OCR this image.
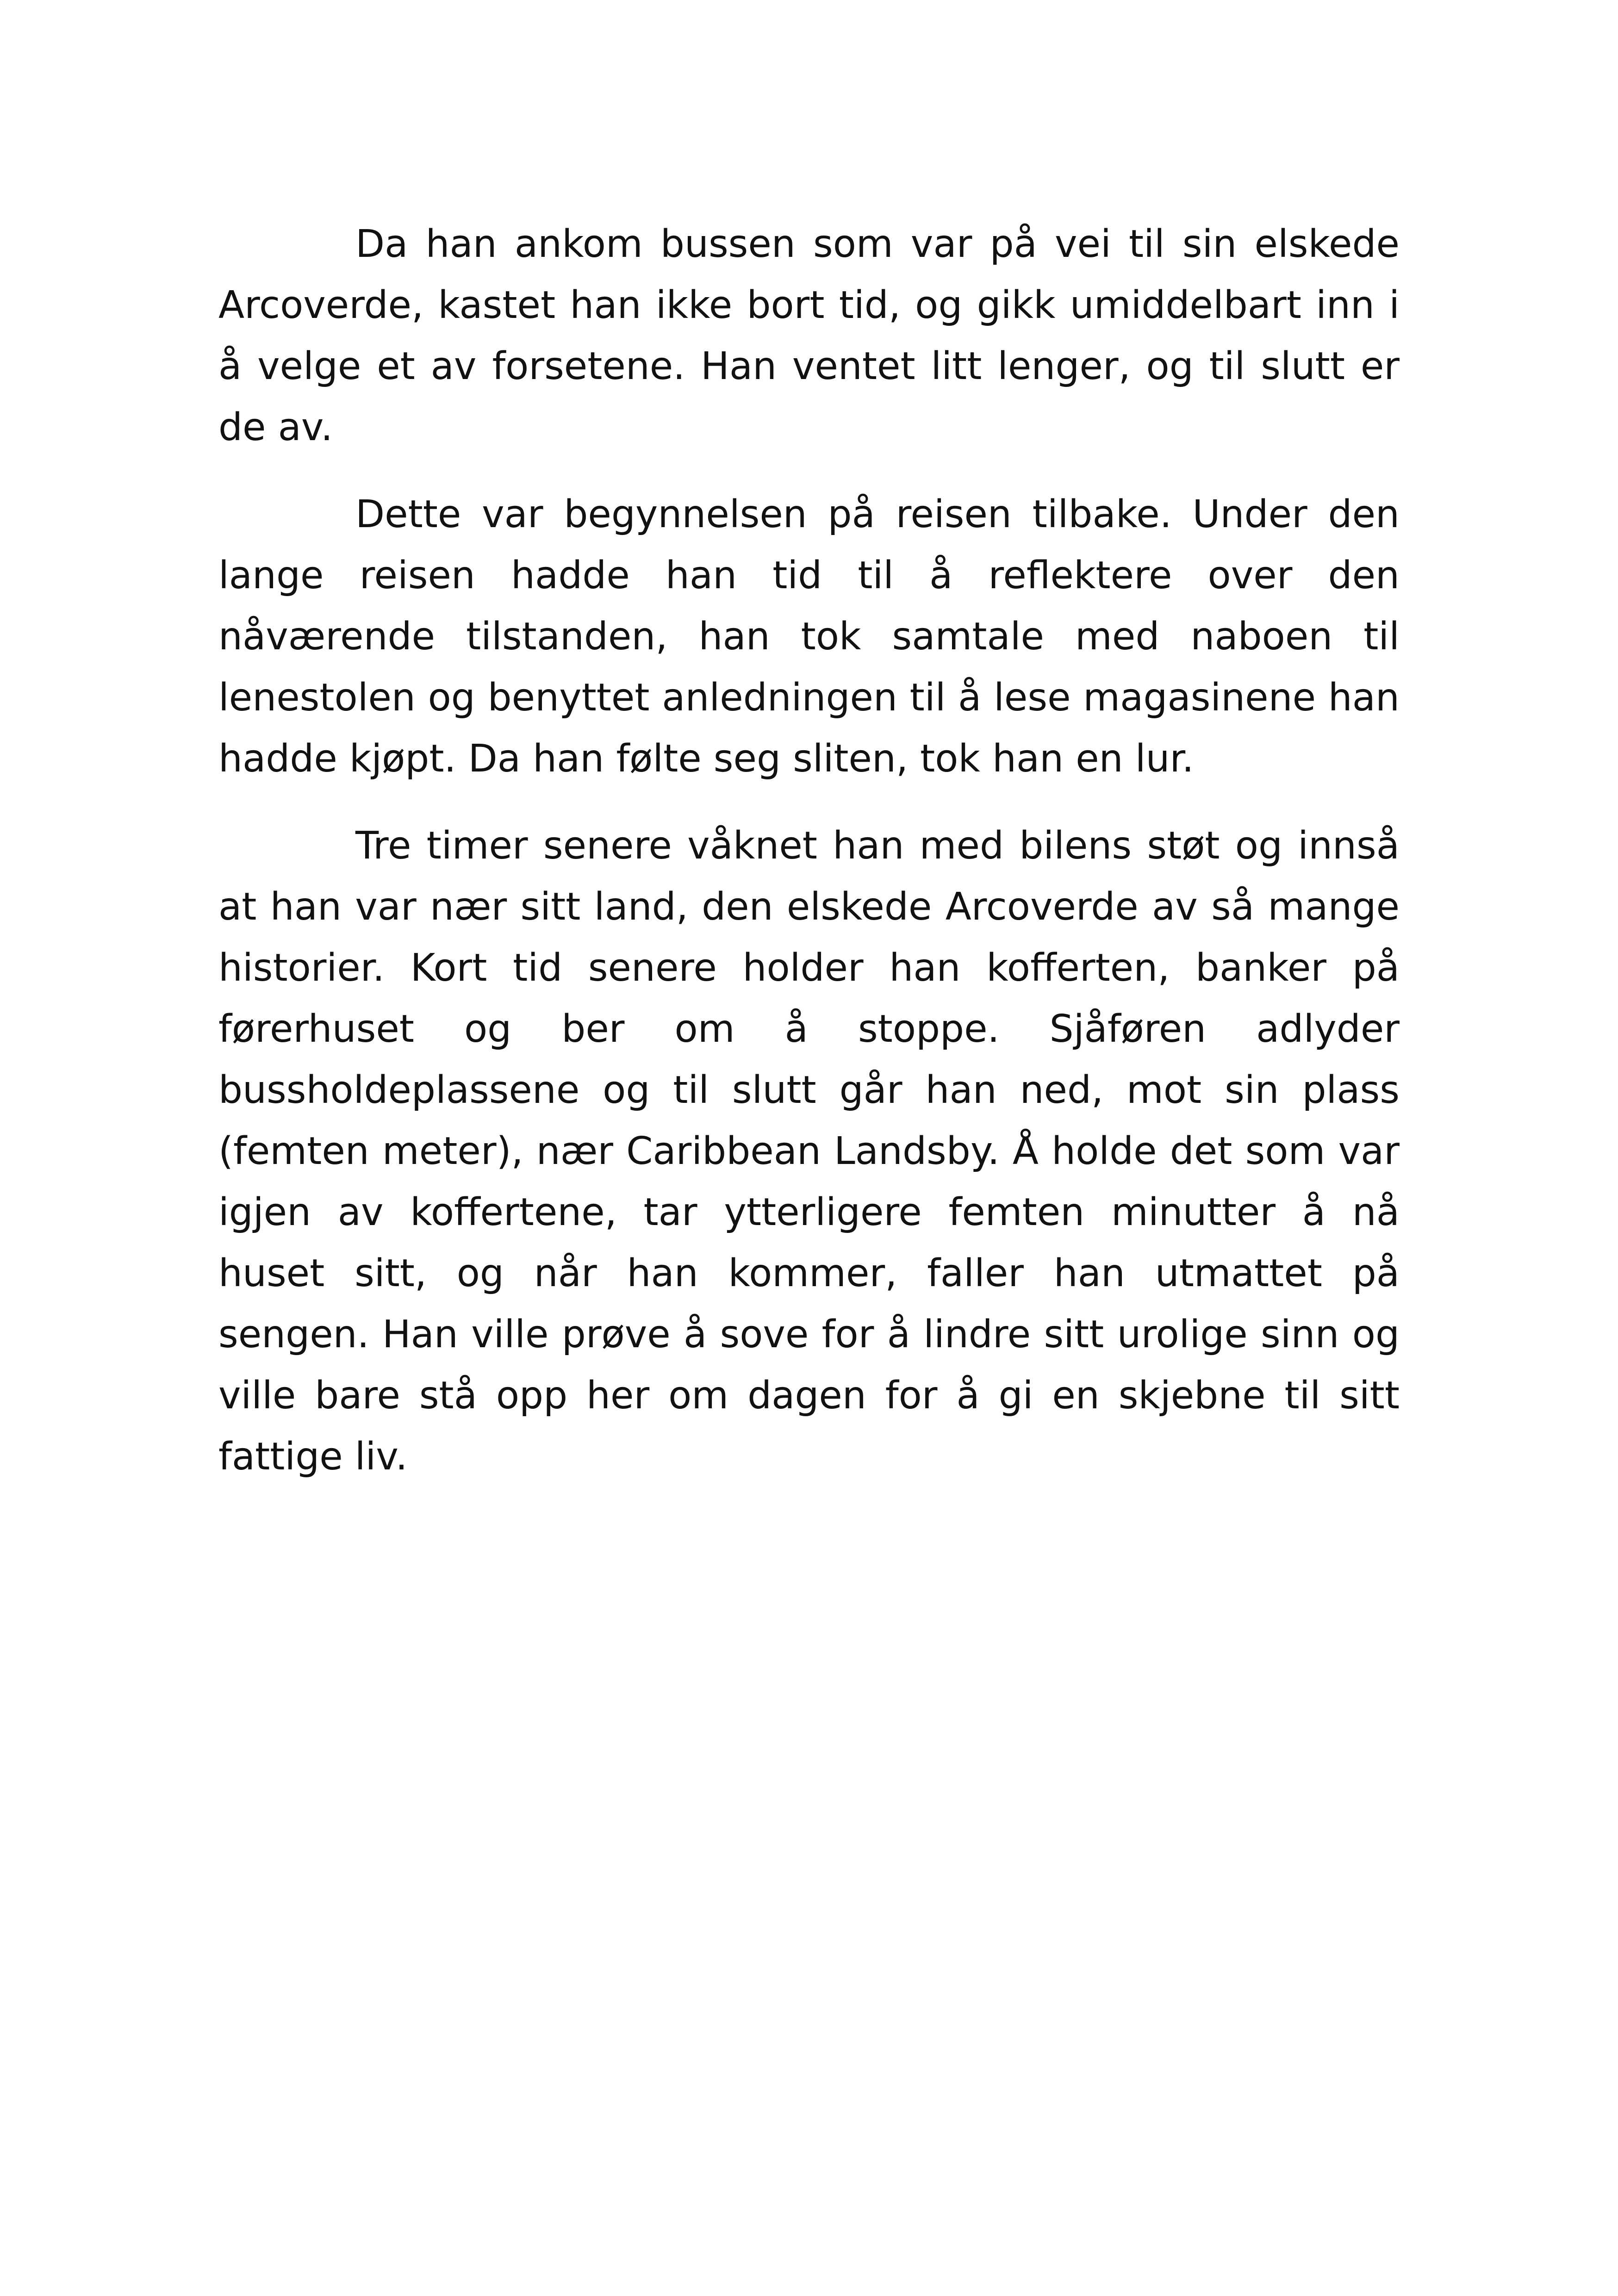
Da han ankom bussen som var på vei til sin elskede Arcoverde, kastet han ikke bort tid, og gikk umiddelbart inn i å velge et av forsetene. Han ventet litt lenger, og til slutt er de av.

Dette var begynnelsen på reisen tilbake. Under den lange reisen hadde han tid til å reflektere over den nåværende tilstanden, han tok samtale med naboen til lenestolen og benyttet anledningen til å lese magasinene han hadde kjøpt. Da han følte seg sliten, tok han en lur.

Tre timer senere våknet han med bilens støt og innså at han var nær sitt land, den elskede Arcoverde av så mange historier. Kort tid senere holder han kofferten, banker på førerhuset og ber om å stoppe. Sjåføren adlyder bussholdeplassene og til slutt går han ned, mot sin plass (femten meter), nær Caribbean Landsby. Å holde det som var igjen av koffertene, tar ytterligere femten minutter å nå huset sitt, og når han kommer, faller han utmattet på sengen. Han ville prøve å sove for å lindre sitt urolige sinn og ville bare stå opp her om dagen for å gi en skjebne til sitt fattige liv.
